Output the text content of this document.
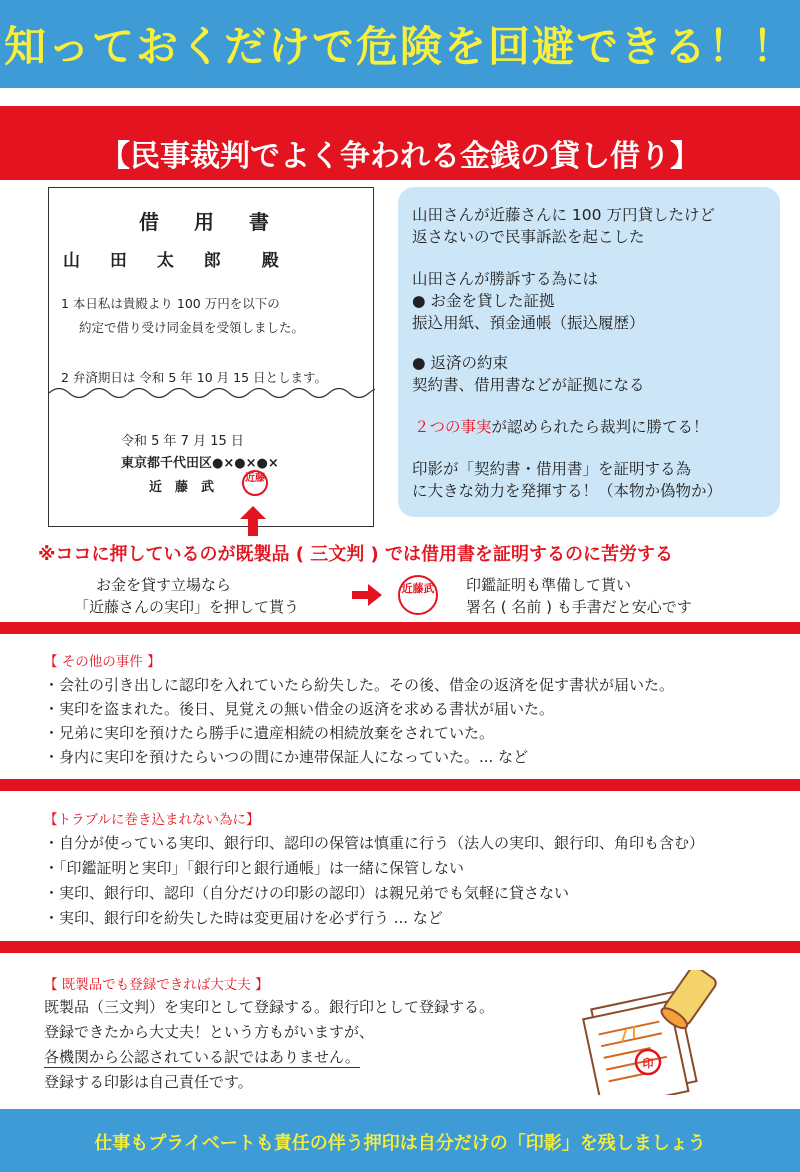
知っておくだけで危険を回避できる！！
【民事裁判でよく争われる金銭の貸し借り】
借 用 書
山 田 太 郎　殿
1 本日私は貴殿より 100 万円を以下の
約定で借り受け同金員を受領しました。
2 弁済期日は 令和 5 年 10 月 15 日とします。
令和 5 年 7 月 15 日
東京都千代田区●×●×●×
近　藤　武
近藤
山田さんが近藤さんに 100 万円貸したけど
返さないので民事訴訟を起こした
山田さんが勝訴する為には
● お金を貸した証拠
振込用紙、預金通帳（振込履歴）
● 返済の約束
契約書、借用書などが証拠になる
２つの事実が認められたら裁判に勝てる！
印影が「契約書・借用書」を証明する為
に大きな効力を発揮する！（本物か偽物か）
※ココに押しているのが既製品 ( 三文判 ) では借用書を証明するのに苦労する
お金を貸す立場なら
「近藤さんの実印」を押して貰う
近藤武 印鑑証明も準備して貰い
署名 ( 名前 ) も手書だと安心です
【 その他の事件 】
・会社の引き出しに認印を入れていたら紛失した。その後、借金の返済を促す書状が届いた。
・実印を盗まれた。後日、見覚えの無い借金の返済を求める書状が届いた。
・兄弟に実印を預けたら勝手に遺産相続の相続放棄をされていた。
・身内に実印を預けたらいつの間にか連帯保証人になっていた。... など
【トラブルに巻き込まれない為に】
・自分が使っている実印、銀行印、認印の保管は慎重に行う（法人の実印、銀行印、角印も含む）
・「印鑑証明と実印」「銀行印と銀行通帳」は一緒に保管しない
・実印、銀行印、認印（自分だけの印影の認印）は親兄弟でも気軽に貸さない
・実印、銀行印を紛失した時は変更届けを必ず行う ... など
【 既製品でも登録できれば大丈夫 】
既製品（三文判）を実印として登録する。銀行印として登録する。
登録できたから大丈夫！という方もがいますが、
各機関から公認されている訳ではありません。
登録する印影は自己責任です。
印
仕事もプライベートも責任の伴う押印は自分だけの「印影」を残しましょう
